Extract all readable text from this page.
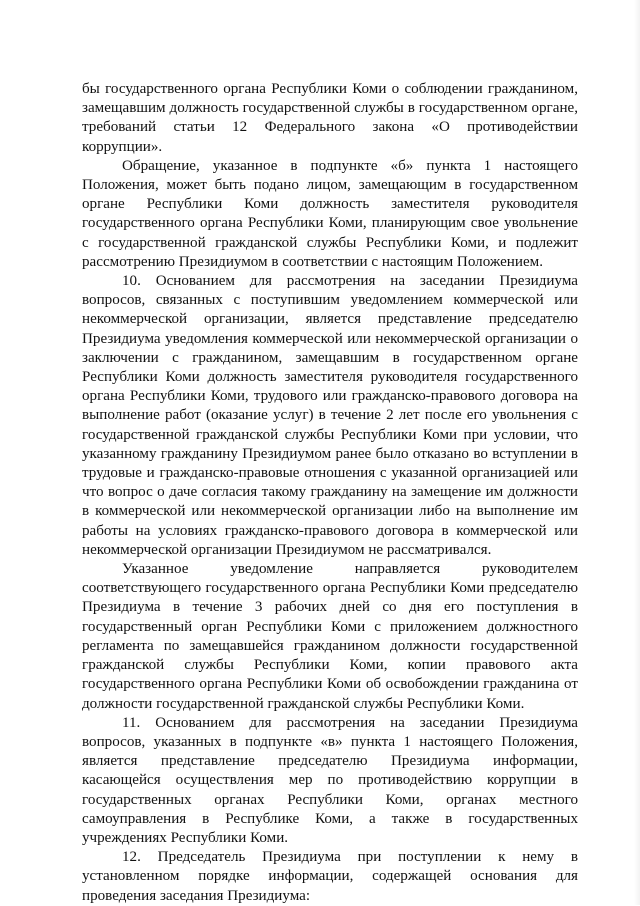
бы государственного органа Республики Коми о соблюдении гражданином, замещавшим должность государственной службы в государственном органе, требований статьи 12 Федерального закона «О противодействии коррупции».

Обращение, указанное в подпункте «б» пункта 1 настоящего Положения, может быть подано лицом, замещающим в государственном органе Республики Коми должность заместителя руководителя государственного органа Республики Коми, планирующим свое увольнение с государственной гражданской службы Республики Коми, и подлежит рассмотрению Президиумом в соответствии с настоящим Положением.

10. Основанием для рассмотрения на заседании Президиума вопросов, связанных с поступившим уведомлением коммерческой или некоммерческой организации, является представление председателю Президиума уведомления коммерческой или некоммерческой организации о заключении с гражданином, замещавшим в государственном органе Республики Коми должность заместителя руководителя государственного органа Республики Коми, трудового или гражданско-правового договора на выполнение работ (оказание услуг) в течение 2 лет после его увольнения с государственной гражданской службы Республики Коми при условии, что указанному гражданину Президиумом ранее было отказано во вступлении в трудовые и гражданско-правовые отношения с указанной организацией или что вопрос о даче согласия такому гражданину на замещение им должности в коммерческой или некоммерческой организации либо на выполнение им работы на условиях гражданско-правового договора в коммерческой или некоммерческой организации Президиумом не рассматривался.

Указанное уведомление направляется руководителем соответствующего государственного органа Республики Коми председателю Президиума в течение 3 рабочих дней со дня его поступления в государственный орган Республики Коми с приложением должностного регламента по замещавшейся гражданином должности государственной гражданской службы Республики Коми, копии правового акта государственного органа Республики Коми об освобождении гражданина от должности государственной гражданской службы Республики Коми.

11. Основанием для рассмотрения на заседании Президиума вопросов, указанных в подпункте «в» пункта 1 настоящего Положения, является представление председателю Президиума информации, касающейся осуществления мер по противодействию коррупции в государственных органах Республики Коми, органах местного самоуправления в Республике Коми, а также в государственных учреждениях Республики Коми.

12. Председатель Президиума при поступлении к нему в установленном порядке информации, содержащей основания для проведения заседания Президиума:
